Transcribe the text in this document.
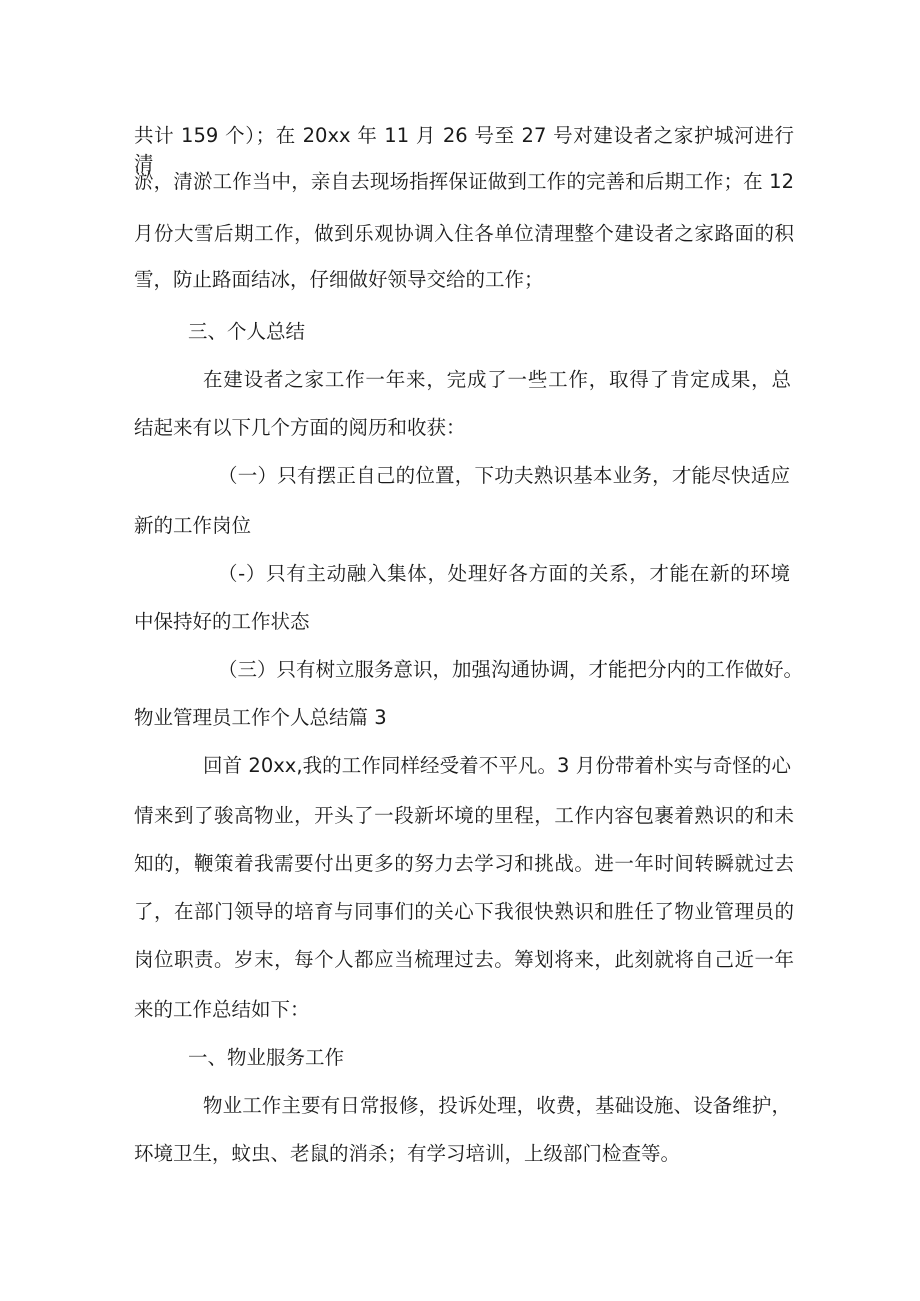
共计 159 个）；在 20xx 年 11 月 26 号至 27 号对建设者之家护城河进行清

淤，清淤工作当中，亲自去现场指挥保证做到工作的完善和后期工作；在 12

月份大雪后期工作，做到乐观协调入住各单位清理整个建设者之家路面的积

雪，防止路面结冰，仔细做好领导交给的工作；

三、个人总结

在建设者之家工作一年来，完成了一些工作，取得了肯定成果，总

结起来有以下几个方面的阅历和收获：

（一）只有摆正自己的位置，下功夫熟识基本业务，才能尽快适应

新的工作岗位

（-）只有主动融入集体，处理好各方面的关系，才能在新的环境

中保持好的工作状态

（三）只有树立服务意识，加强沟通协调，才能把分内的工作做好。

物业管理员工作个人总结篇 3

回首 20xx,我的工作同样经受着不平凡。3 月份带着朴实与奇怪的心

情来到了骏高物业，开头了一段新坏境的里程，工作内容包裹着熟识的和未

知的，鞭策着我需要付出更多的努力去学习和挑战。进一年时间转瞬就过去

了，在部门领导的培育与同事们的关心下我很快熟识和胜任了物业管理员的

岗位职责。岁末，每个人都应当梳理过去。筹划将来，此刻就将自己近一年

来的工作总结如下：

一、物业服务工作

物业工作主要有日常报修，投诉处理，收费，基础设施、设备维护，

环境卫生，蚊虫、老鼠的消杀；有学习培训，上级部门检查等。
